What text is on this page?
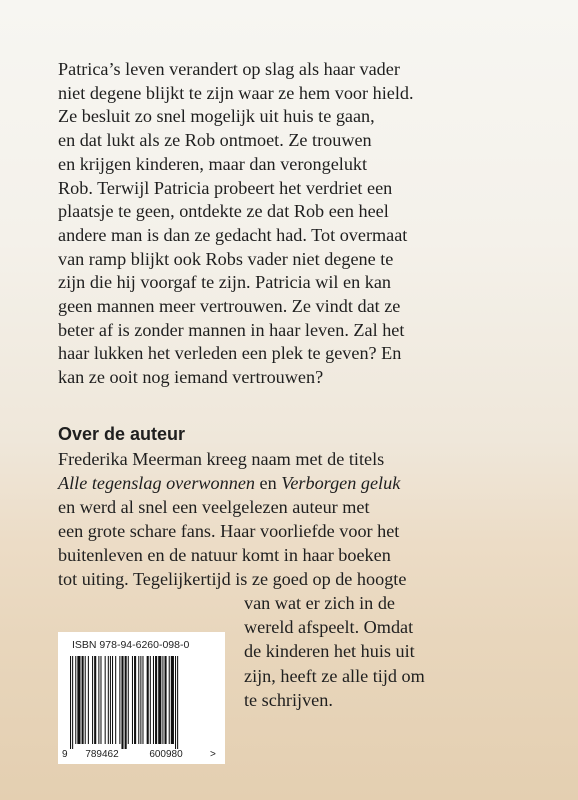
Patrica’s leven verandert op slag als haar vader
niet degene blijkt te zijn waar ze hem voor hield.
Ze besluit zo snel mogelijk uit huis te gaan,
en dat lukt als ze Rob ontmoet. Ze trouwen
en krijgen kinderen, maar dan verongelukt
Rob. Terwijl Patricia probeert het verdriet een
plaatsje te geen, ontdekte ze dat Rob een heel
andere man is dan ze gedacht had. Tot overmaat
van ramp blijkt ook Robs vader niet degene te
zijn die hij voorgaf te zijn. Patricia wil en kan
geen mannen meer vertrouwen. Ze vindt dat ze
beter af is zonder mannen in haar leven. Zal het
haar lukken het verleden een plek te geven? En
kan ze ooit nog iemand vertrouwen?
Over de auteur
Frederika Meerman kreeg naam met de titels
Alle tegenslag overwonnen en Verborgen geluk
en werd al snel een veelgelezen auteur met
een grote schare fans. Haar voorliefde voor het
buitenleven en de natuur komt in haar boeken
tot uiting. Tegelijkertijd is ze goed op de hoogte
van wat er zich in de
wereld afspeelt. Omdat
de kinderen het huis uit
zijn, heeft ze alle tijd om
te schrijven.
ISBN 978-94-6260-098-0
9 789462	600980	>
